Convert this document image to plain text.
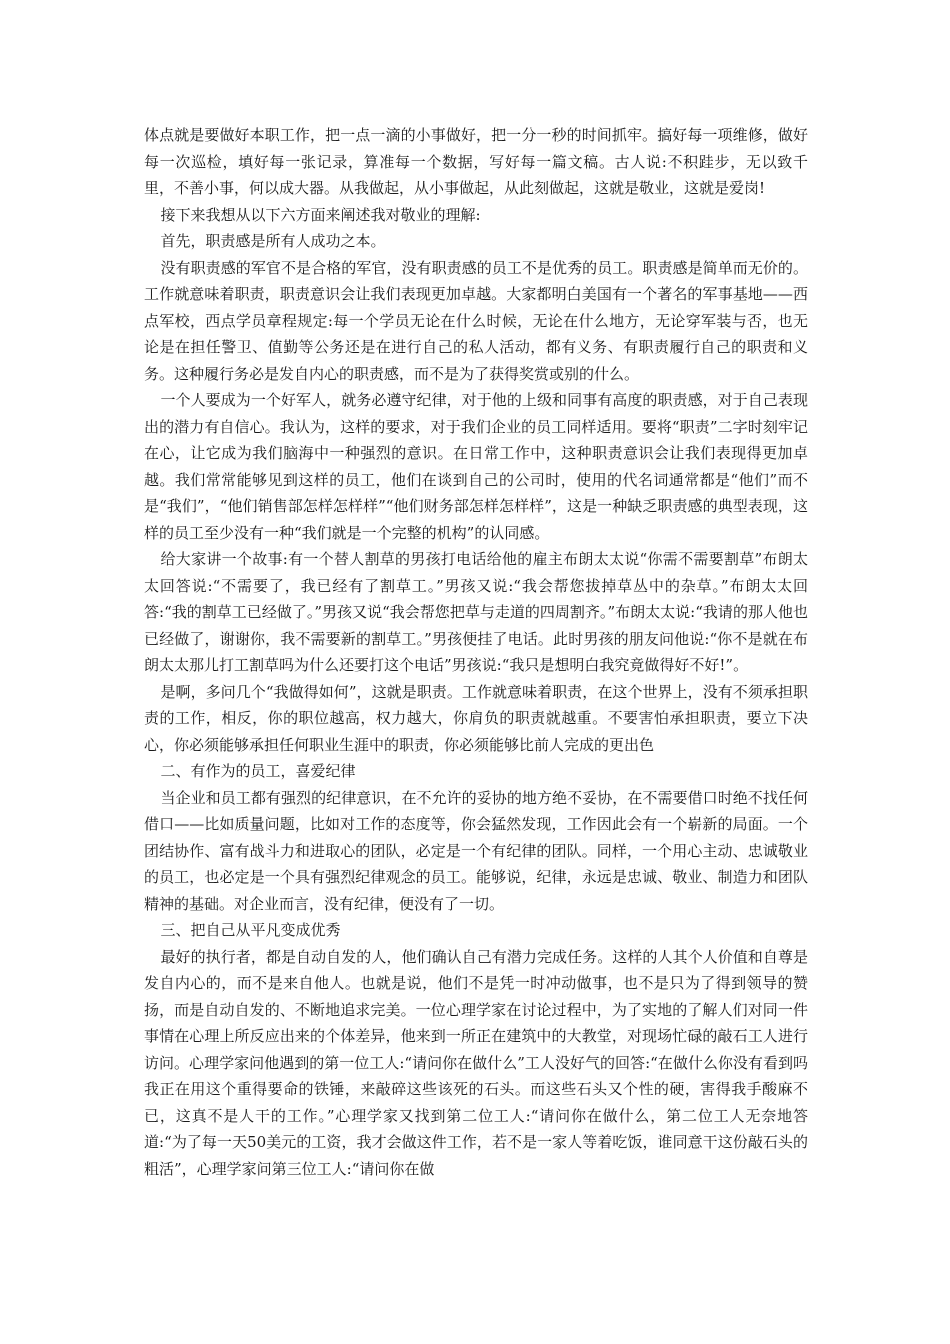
体点就是要做好本职工作，把一点一滴的小事做好，把一分一秒的时间抓牢。搞好每一项维修，做好每一次巡检，填好每一张记录，算准每一个数据，写好每一篇文稿。古人说:不积跬步，无以致千里，不善小事，何以成大器。从我做起，从小事做起，从此刻做起，这就是敬业，这就是爱岗!

接下来我想从以下六方面来阐述我对敬业的理解:

首先，职责感是所有人成功之本。

没有职责感的军官不是合格的军官，没有职责感的员工不是优秀的员工。职责感是简单而无价的。工作就意味着职责，职责意识会让我们表现更加卓越。大家都明白美国有一个著名的军事基地——西点军校，西点学员章程规定:每一个学员无论在什么时候，无论在什么地方，无论穿军装与否，也无论是在担任警卫、值勤等公务还是在进行自己的私人活动，都有义务、有职责履行自己的职责和义务。这种履行务必是发自内心的职责感，而不是为了获得奖赏或别的什么。

一个人要成为一个好军人，就务必遵守纪律，对于他的上级和同事有高度的职责感，对于自己表现出的潜力有自信心。我认为，这样的要求，对于我们企业的员工同样适用。要将“职责”二字时刻牢记在心，让它成为我们脑海中一种强烈的意识。在日常工作中，这种职责意识会让我们表现得更加卓越。我们常常能够见到这样的员工，他们在谈到自己的公司时，使用的代名词通常都是“他们”而不是“我们”，“他们销售部怎样怎样样”“他们财务部怎样怎样样”，这是一种缺乏职责感的典型表现，这样的员工至少没有一种“我们就是一个完整的机构”的认同感。

给大家讲一个故事:有一个替人割草的男孩打电话给他的雇主布朗太太说“你需不需要割草”布朗太太回答说:“不需要了，我已经有了割草工。”男孩又说:“我会帮您拔掉草丛中的杂草。”布朗太太回答:“我的割草工已经做了。”男孩又说“我会帮您把草与走道的四周割齐。”布朗太太说:“我请的那人他也已经做了，谢谢你，我不需要新的割草工。”男孩便挂了电话。此时男孩的朋友问他说:“你不是就在布朗太太那儿打工割草吗为什么还要打这个电话”男孩说:“我只是想明白我究竟做得好不好!”。

是啊，多问几个“我做得如何”，这就是职责。工作就意味着职责，在这个世界上，没有不须承担职责的工作，相反，你的职位越高，权力越大，你肩负的职责就越重。不要害怕承担职责，要立下决心，你必须能够承担任何职业生涯中的职责，你必须能够比前人完成的更出色

二、有作为的员工，喜爱纪律

当企业和员工都有强烈的纪律意识，在不允许的妥协的地方绝不妥协，在不需要借口时绝不找任何借口——比如质量问题，比如对工作的态度等，你会猛然发现，工作因此会有一个崭新的局面。一个团结协作、富有战斗力和进取心的团队，必定是一个有纪律的团队。同样，一个用心主动、忠诚敬业的员工，也必定是一个具有强烈纪律观念的员工。能够说，纪律，永远是忠诚、敬业、制造力和团队精神的基础。对企业而言，没有纪律，便没有了一切。

三、把自己从平凡变成优秀

最好的执行者，都是自动自发的人，他们确认自己有潜力完成任务。这样的人其个人价值和自尊是发自内心的，而不是来自他人。也就是说，他们不是凭一时冲动做事，也不是只为了得到领导的赞扬，而是自动自发的、不断地追求完美。一位心理学家在讨论过程中，为了实地的了解人们对同一件事情在心理上所反应出来的个体差异，他来到一所正在建筑中的大教堂，对现场忙碌的敲石工人进行访问。心理学家问他遇到的第一位工人:“请问你在做什么”工人没好气的回答:“在做什么你没有看到吗我正在用这个重得要命的铁锤，来敲碎这些该死的石头。而这些石头又个性的硬，害得我手酸麻不已，这真不是人干的工作。”心理学家又找到第二位工人:“请问你在做什么，第二位工人无奈地答道:“为了每一天50美元的工资，我才会做这件工作，若不是一家人等着吃饭，谁同意干这份敲石头的粗活”，心理学家问第三位工人:“请问你在做
